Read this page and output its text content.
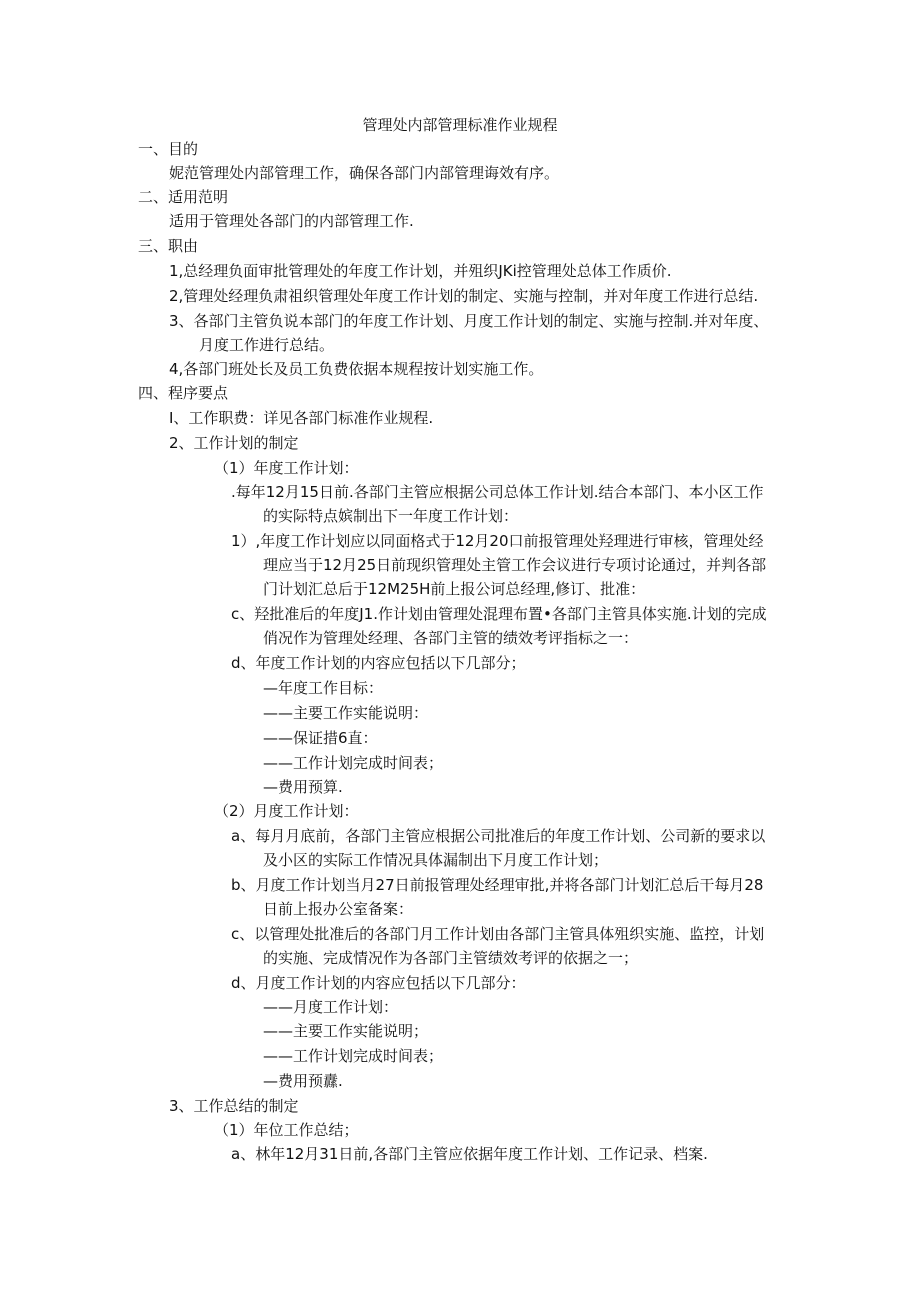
管理处内部管理标准作业规程
一、目的
妮范管理处内部管理工作，确保各部门内部管理诲效有序。
二、适用范明
适用于管理处各部门的内部管理工作.
三、职由
1,总经理负面审批管理处的年度工作计划，并殂织JKi控管理处总体工作质价.
2,管理处经理负肃祖织管理处年度工作计划的制定、实施与控制，并对年度工作进行总结.
3、各部门主管负说本部门的年度工作计划、月度工作计划的制定、实施与控制.并对年度、
月度工作进行总结。
4,各部门班处长及员工负费依据本规程按计划实施工作。
四、程序要点
I、工作职费：详见各部门标准作业规程.
2、工作计划的制定
（1）年度工作计划：
.每年12月15日前.各部门主管应根据公司总体工作计划.结合本部门、本小区工作
的实际特点嫔制出下一年度工作计划：
1）,年度工作计划应以同面格式于12月20口前报管理处羟理进行审核，管理处经
理应当于12月25日前现织管理处主管工作会议进行专项讨论通过，并判各部
门计划汇总后于12M25H前上报公诃总经理,修订、批准：
c、羟批准后的年度J1.作计划由管理处混理布置•各部门主管具体实施.计划的完成
俏况作为管理处经理、各部门主管的绩效考评指标之一：
d、年度工作计划的内容应包括以下几部分；
—年度工作目标：
——主要工作实能说明：
——保证措6直：
——工作计划完成时间表；
—费用预算.
（2）月度工作计划：
a、每月月底前，各部门主管应根据公司批准后的年度工作计划、公司新的要求以
及小区的实际工作情况具体漏制出下月度工作计划；
b、月度工作计划当月27日前报管理处经理审批,并将各部门计划汇总后干每月28
日前上报办公室备案：
c、以管理处批准后的各部门月工作计划由各部门主管具体殂织实施、监控，计划
的实施、完成情况作为各部门主管绩效考评的依据之一；
d、月度工作计划的内容应包括以下几部分：
——月度工作计划：
——主要工作实能说明；
——工作计划完成时间表；
—费用预纛.
3、工作总结的制定
（1）年位工作总结；
a、林年12月31日前,各部门主管应依据年度工作计划、工作记录、档案.
